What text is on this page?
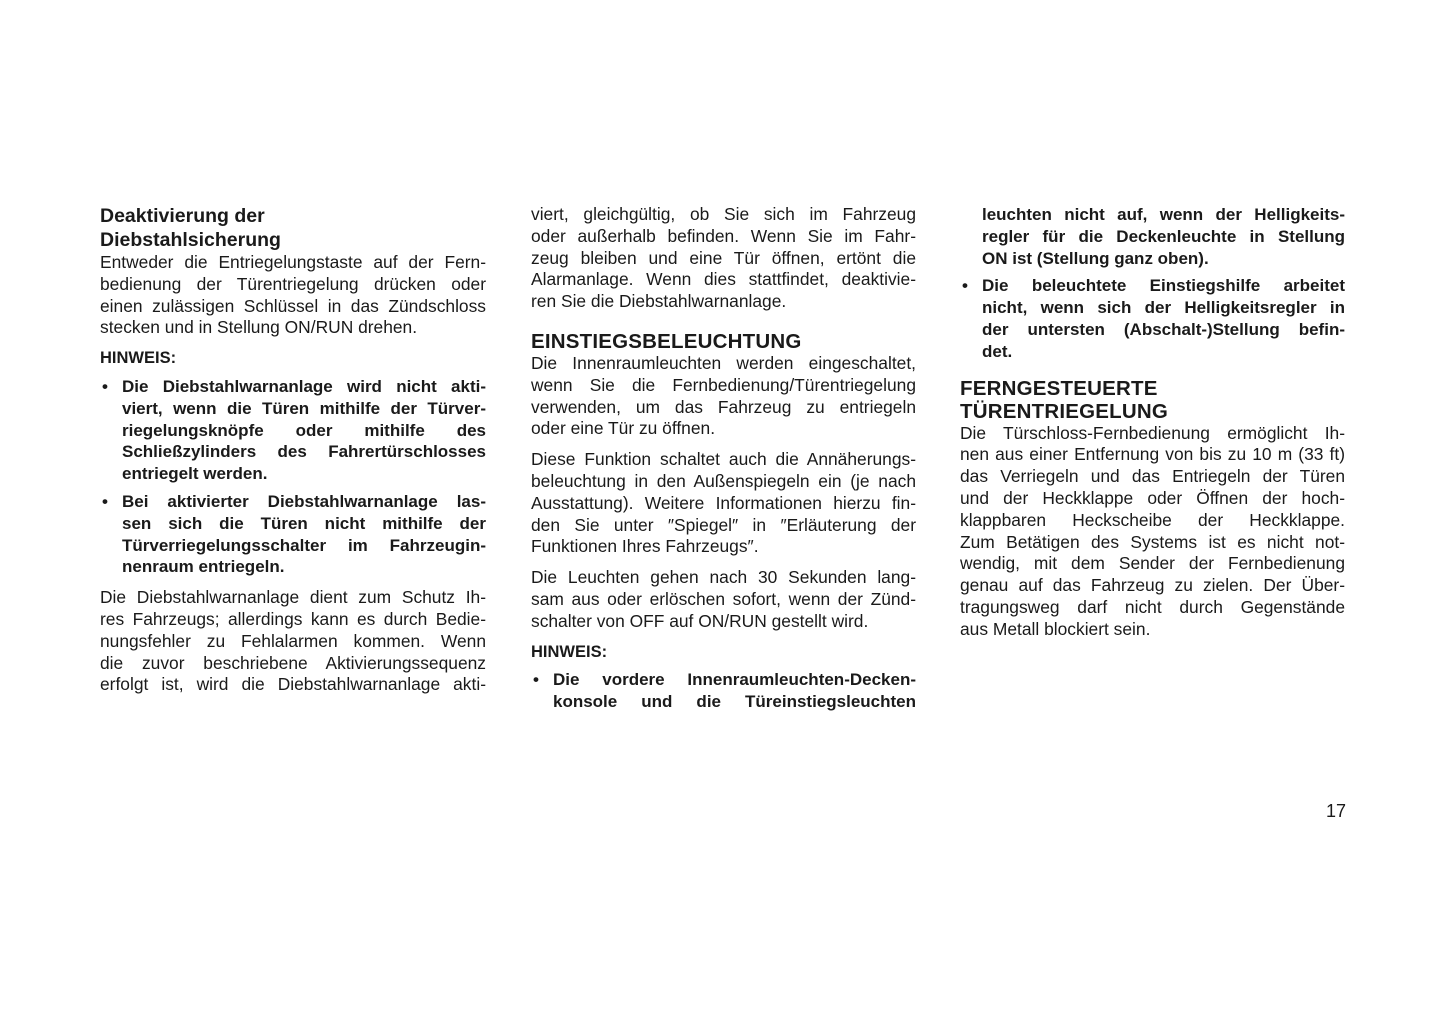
Deaktivierung der
Diebstahlsicherung
Entweder die Entriegelungstaste auf der Fern-
bedienung der Türentriegelung drücken oder
einen zulässigen Schlüssel in das Zündschloss
stecken und in Stellung ON/RUN drehen.
HINWEIS:
• Die Diebstahlwarnanlage wird nicht akti-
viert, wenn die Türen mithilfe der Türver-
riegelungsknöpfe oder mithilfe des
Schließzylinders des Fahrertürschlosses
entriegelt werden.
• Bei aktivierter Diebstahlwarnanlage las-
sen sich die Türen nicht mithilfe der
Türverriegelungsschalter im Fahrzeugin-
nenraum entriegeln.
Die Diebstahlwarnanlage dient zum Schutz Ih-
res Fahrzeugs; allerdings kann es durch Bedie-
nungsfehler zu Fehlalarmen kommen. Wenn
die zuvor beschriebene Aktivierungssequenz
erfolgt ist, wird die Diebstahlwarnanlage akti-
viert, gleichgültig, ob Sie sich im Fahrzeug
oder außerhalb befinden. Wenn Sie im Fahr-
zeug bleiben und eine Tür öffnen, ertönt die
Alarmanlage. Wenn dies stattfindet, deaktivie-
ren Sie die Diebstahlwarnanlage.
EINSTIEGSBELEUCHTUNG
Die Innenraumleuchten werden eingeschaltet,
wenn Sie die Fernbedienung/Türentriegelung
verwenden, um das Fahrzeug zu entriegeln
oder eine Tür zu öffnen.
Diese Funktion schaltet auch die Annäherungs-
beleuchtung in den Außenspiegeln ein (je nach
Ausstattung). Weitere Informationen hierzu fin-
den Sie unter ″Spiegel″ in ″Erläuterung der
Funktionen Ihres Fahrzeugs″.
Die Leuchten gehen nach 30 Sekunden lang-
sam aus oder erlöschen sofort, wenn der Zünd-
schalter von OFF auf ON/RUN gestellt wird.
HINWEIS:
• Die vordere Innenraumleuchten-Decken-
konsole und die Türeinstiegsleuchten
leuchten nicht auf, wenn der Helligkeits-
regler für die Deckenleuchte in Stellung
ON ist (Stellung ganz oben).
• Die beleuchtete Einstiegshilfe arbeitet
nicht, wenn sich der Helligkeitsregler in
der untersten (Abschalt-)Stellung befin-
det.
FERNGESTEUERTE
TÜRENTRIEGELUNG
Die Türschloss-Fernbedienung ermöglicht Ih-
nen aus einer Entfernung von bis zu 10 m (33 ft)
das Verriegeln und das Entriegeln der Türen
und der Heckklappe oder Öffnen der hoch-
klappbaren Heckscheibe der Heckklappe.
Zum Betätigen des Systems ist es nicht not-
wendig, mit dem Sender der Fernbedienung
genau auf das Fahrzeug zu zielen. Der Über-
tragungsweg darf nicht durch Gegenstände
aus Metall blockiert sein.
17
